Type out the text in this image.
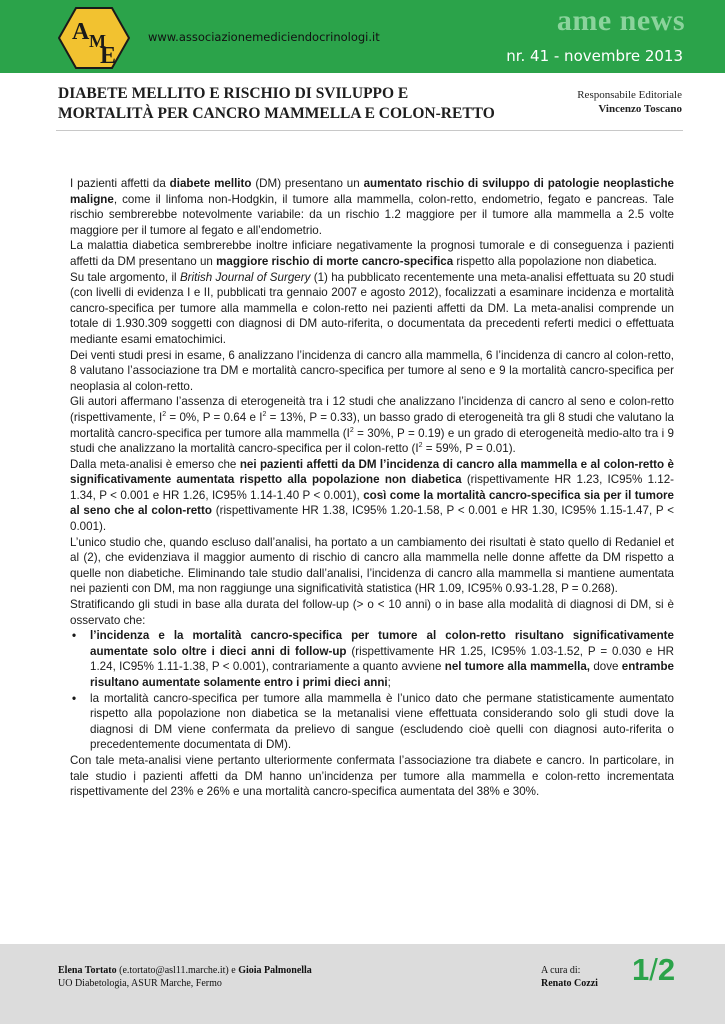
A M
E
www.associazionemediciendocrinologi.it	ame news
nr. 41 - novembre 2013
DIABETE MELLITO E RISCHIO DI SVILUPPO E
MORTALITÀ PER CANCRO MAMMELLA E COLON-RETTO
Responsabile Editoriale
Vincenzo Toscano

I pazienti affetti da diabete mellito (DM) presentano un aumentato rischio di sviluppo di patologie neoplastiche maligne, come il linfoma non-Hodgkin, il tumore alla mammella, colon-retto, endometrio, fegato e pancreas. Tale rischio sembrerebbe notevolmente variabile: da un rischio 1.2 maggiore per il tumore alla mammella a 2.5 volte maggiore per il tumore al fegato e all’endometrio.

La malattia diabetica sembrerebbe inoltre inficiare negativamente la prognosi tumorale e di conseguenza i pazienti affetti da DM presentano un maggiore rischio di morte cancro-specifica rispetto alla popolazione non diabetica.

Su tale argomento, il British Journal of Surgery (1) ha pubblicato recentemente una meta-analisi effettuata su 20 studi (con livelli di evidenza I e II, pubblicati tra gennaio 2007 e agosto 2012), focalizzati a esaminare incidenza e mortalità cancro-specifica per tumore alla mammella e colon-retto nei pazienti affetti da DM. La meta-analisi comprende un totale di 1.930.309 soggetti con diagnosi di DM auto-riferita, o documentata da precedenti referti medici o effettuata mediante esami ematochimici.

Dei venti studi presi in esame, 6 analizzano l’incidenza di cancro alla mammella, 6 l’incidenza di cancro al colon-retto, 8 valutano l’associazione tra DM e mortalità cancro-specifica per tumore al seno e 9 la mortalità cancro-specifica per neoplasia al colon-retto.

Gli autori affermano l’assenza di eterogeneità tra i 12 studi che analizzano l’incidenza di cancro al seno e colon-retto (rispettivamente, $I^2 = 0\%$, P = 0.64 e $I^2 = 13\%$, P = 0.33), un basso grado di eterogeneità tra gli 8 studi che valutano la mortalità cancro-specifica per tumore alla mammella ($I^2 = 30\%$, P = 0.19) e un grado di eterogeneità medio-alto tra i 9 studi che analizzano la mortalità cancro-specifica per il colon-retto ($I^2 = 59\%$, P = 0.01).

Dalla meta-analisi è emerso che nei pazienti affetti da DM l’incidenza di cancro alla mammella e al colon-retto è significativamente aumentata rispetto alla popolazione non diabetica (rispettivamente HR 1.23, IC95% 1.12-1.34, P < 0.001 e HR 1.26, IC95% 1.14-1.40 P < 0.001), così come la mortalità cancro-specifica sia per il tumore al seno che al colon-retto (rispettivamente HR 1.38, IC95% 1.20-1.58, P < 0.001 e HR 1.30, IC95% 1.15-1.47, P < 0.001).

L’unico studio che, quando escluso dall’analisi, ha portato a un cambiamento dei risultati è stato quello di Redaniel et al (2), che evidenziava il maggior aumento di rischio di cancro alla mammella nelle donne affette da DM rispetto a quelle non diabetiche. Eliminando tale studio dall’analisi, l’incidenza di cancro alla mammella si mantiene aumentata nei pazienti con DM, ma non raggiunge una significatività statistica (HR 1.09, IC95% 0.93-1.28, P = 0.268).

Stratificando gli studi in base alla durata del follow-up (> o < 10 anni) o in base alla modalità di diagnosi di DM, si è osservato che:

• l’incidenza e la mortalità cancro-specifica per tumore al colon-retto risultano significativamente aumentate solo oltre i dieci anni di follow-up (rispettivamente HR 1.25, IC95% 1.03-1.52, P = 0.030 e HR 1.24, IC95% 1.11-1.38, P < 0.001), contrariamente a quanto avviene nel tumore alla mammella, dove entrambe risultano aumentate solamente entro i primi dieci anni;
• la mortalità cancro-specifica per tumore alla mammella è l’unico dato che permane statisticamente aumentato rispetto alla popolazione non diabetica se la metanalisi viene effettuata considerando solo gli studi dove la diagnosi di DM viene confermata da prelievo di sangue (escludendo cioè quelli con diagnosi auto-riferita o precedentemente documentata di DM).

Con tale meta-analisi viene pertanto ulteriormente confermata l’associazione tra diabete e cancro. In particolare, in tale studio i pazienti affetti da DM hanno un’incidenza per tumore alla mammella e colon-retto incrementata rispettivamente del 23% e 26% e una mortalità cancro-specifica aumentata del 38% e 30%.

Elena Tortato (e.tortato@asl11.marche.it) e Gioia Palmonella
UO Diabetologia, ASUR Marche, Fermo
A cura di:
Renato Cozzi 1/2
